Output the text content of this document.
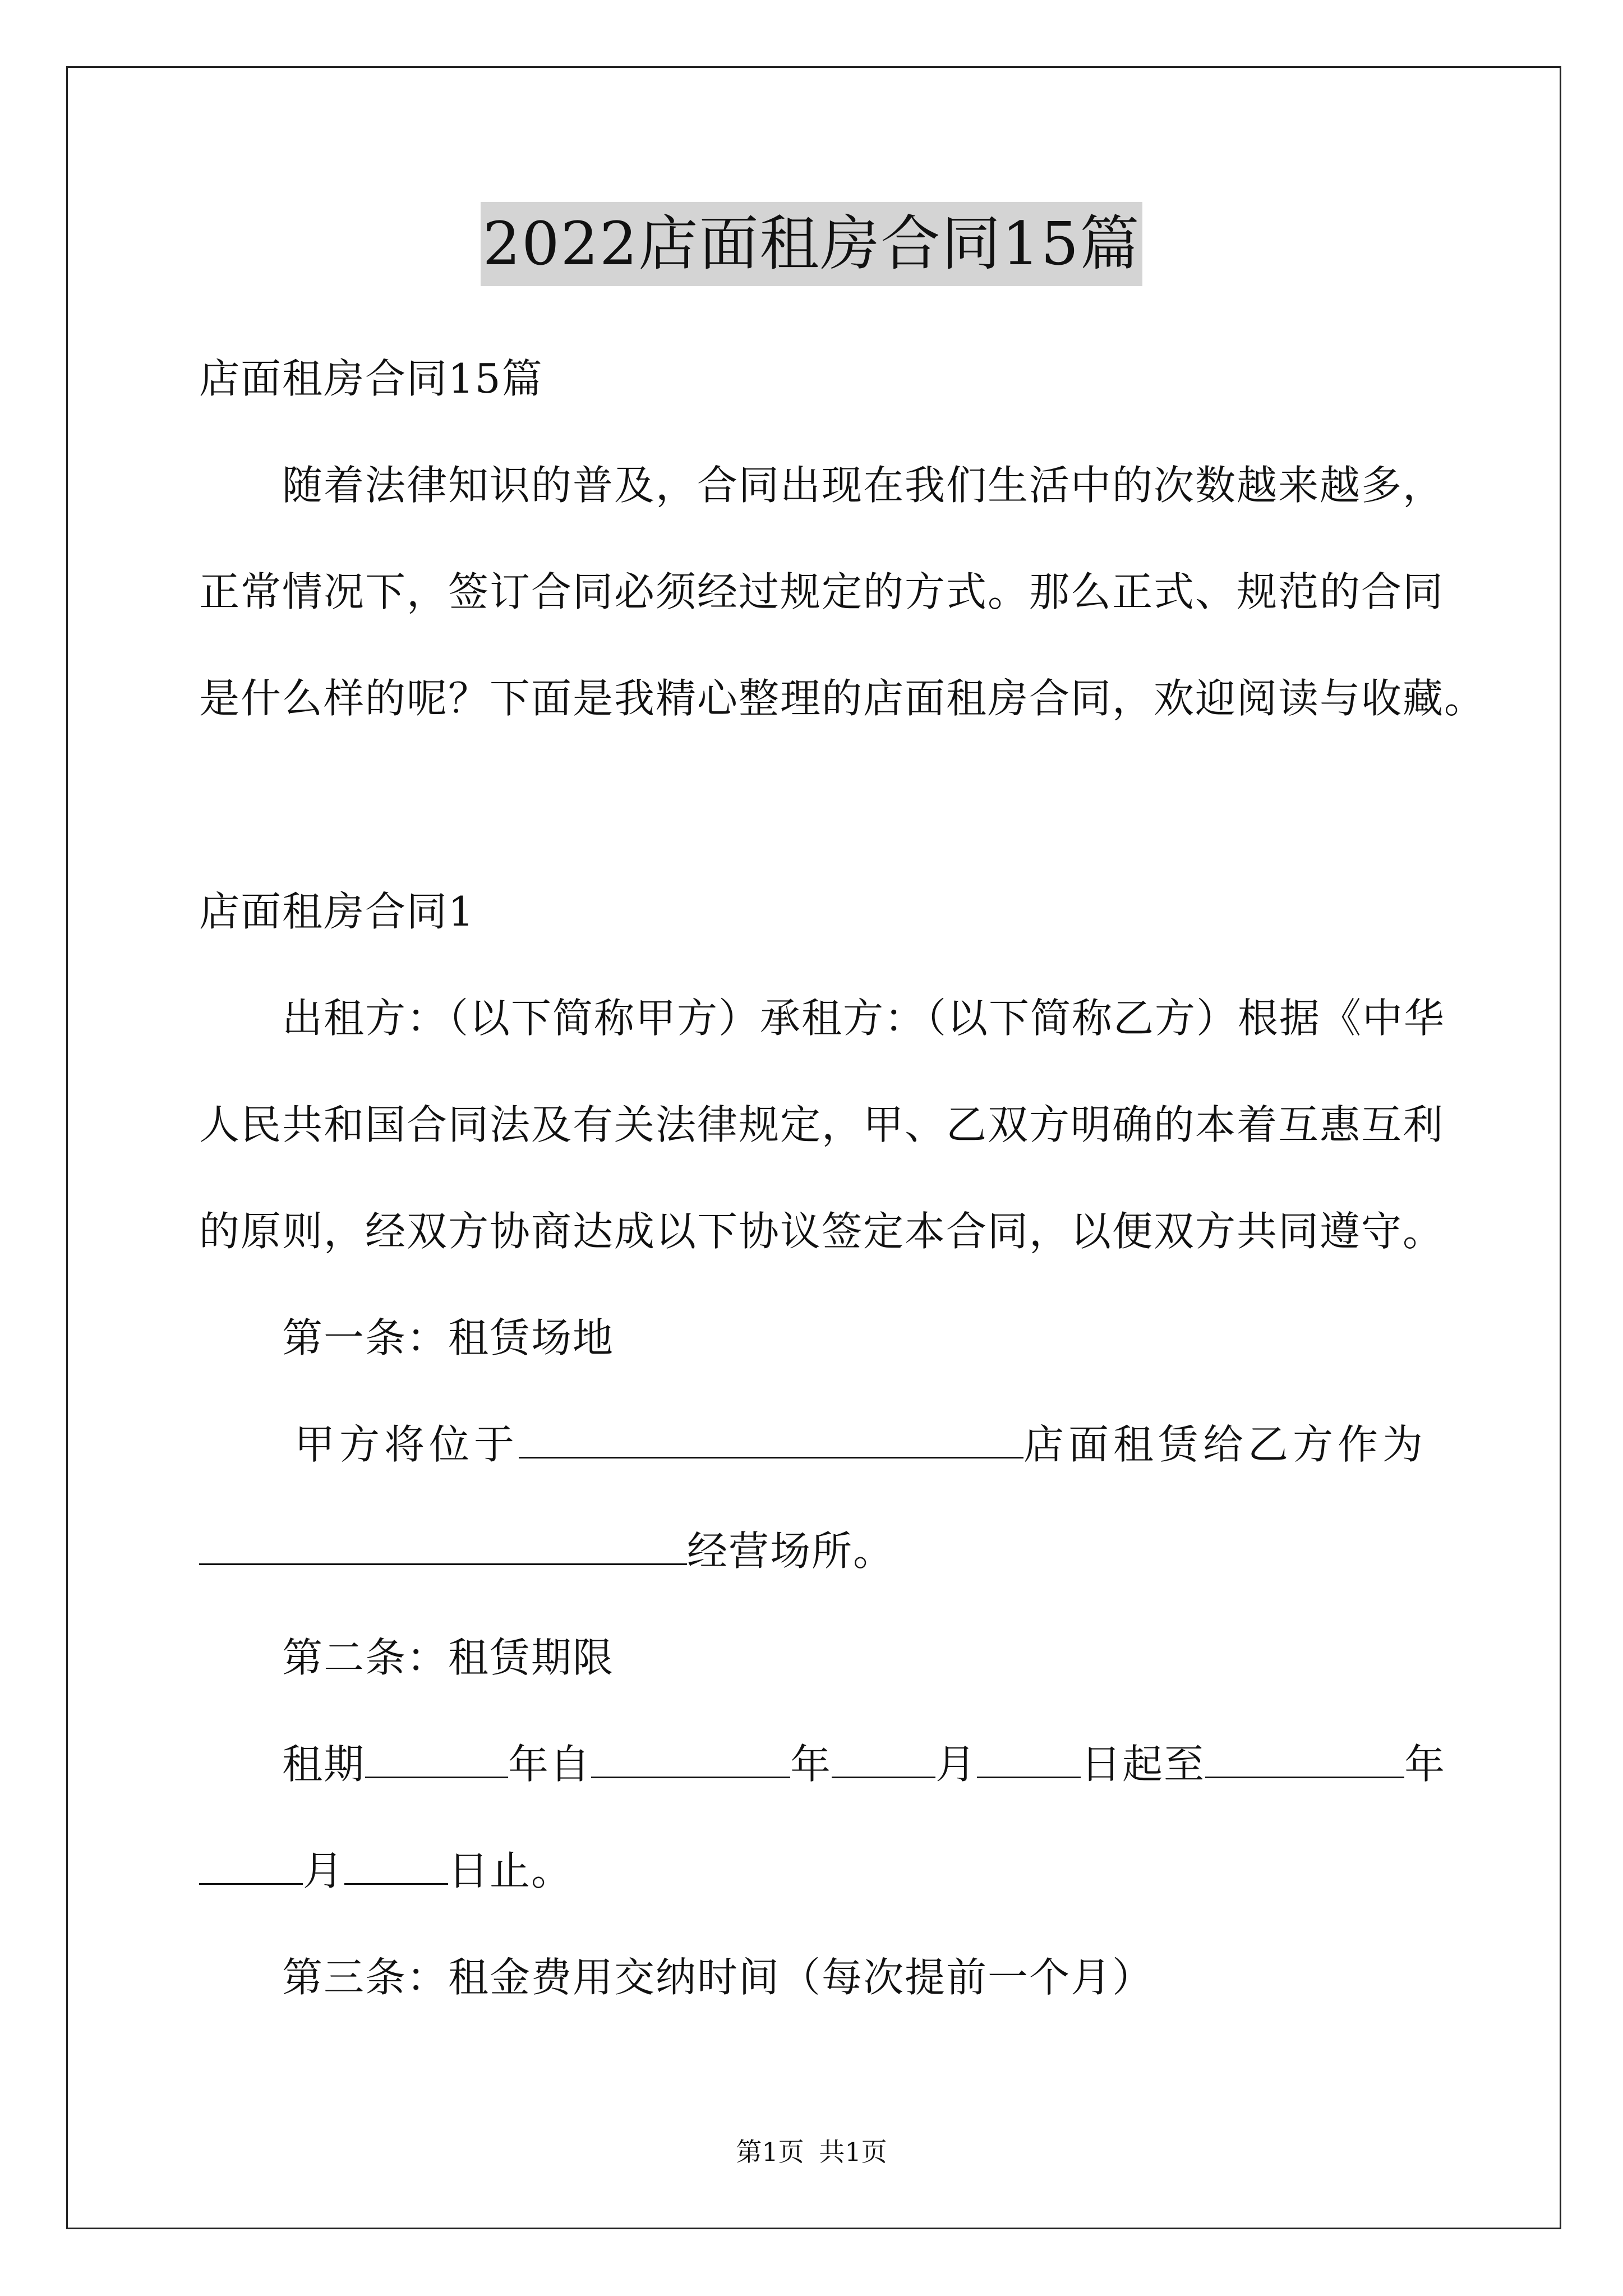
2022店面租房合同15篇
店面租房合同15篇
随着法律知识的普及，合同出现在我们生活中的次数越来越多，
正常情况下，签订合同必须经过规定的方式。那么正式、规范的合同
是什么样的呢？下面是我精心整理的店面租房合同，欢迎阅读与收藏。
店面租房合同1
出租方：（以下简称甲方）承租方：（以下简称乙方）根据《中华
人民共和国合同法及有关法律规定，甲、乙双方明确的本着互惠互利
的原则，经双方协商达成以下协议签定本合同，以便双方共同遵守。
第一条：租赁场地
甲方将位于	店面租赁给乙方作为
经营场所。
第二条：租赁期限
租期	年自	年	月	日起至	年
月	日止。
第三条：租金费用交纳时间（每次提前一个月）
第1页 共1页
